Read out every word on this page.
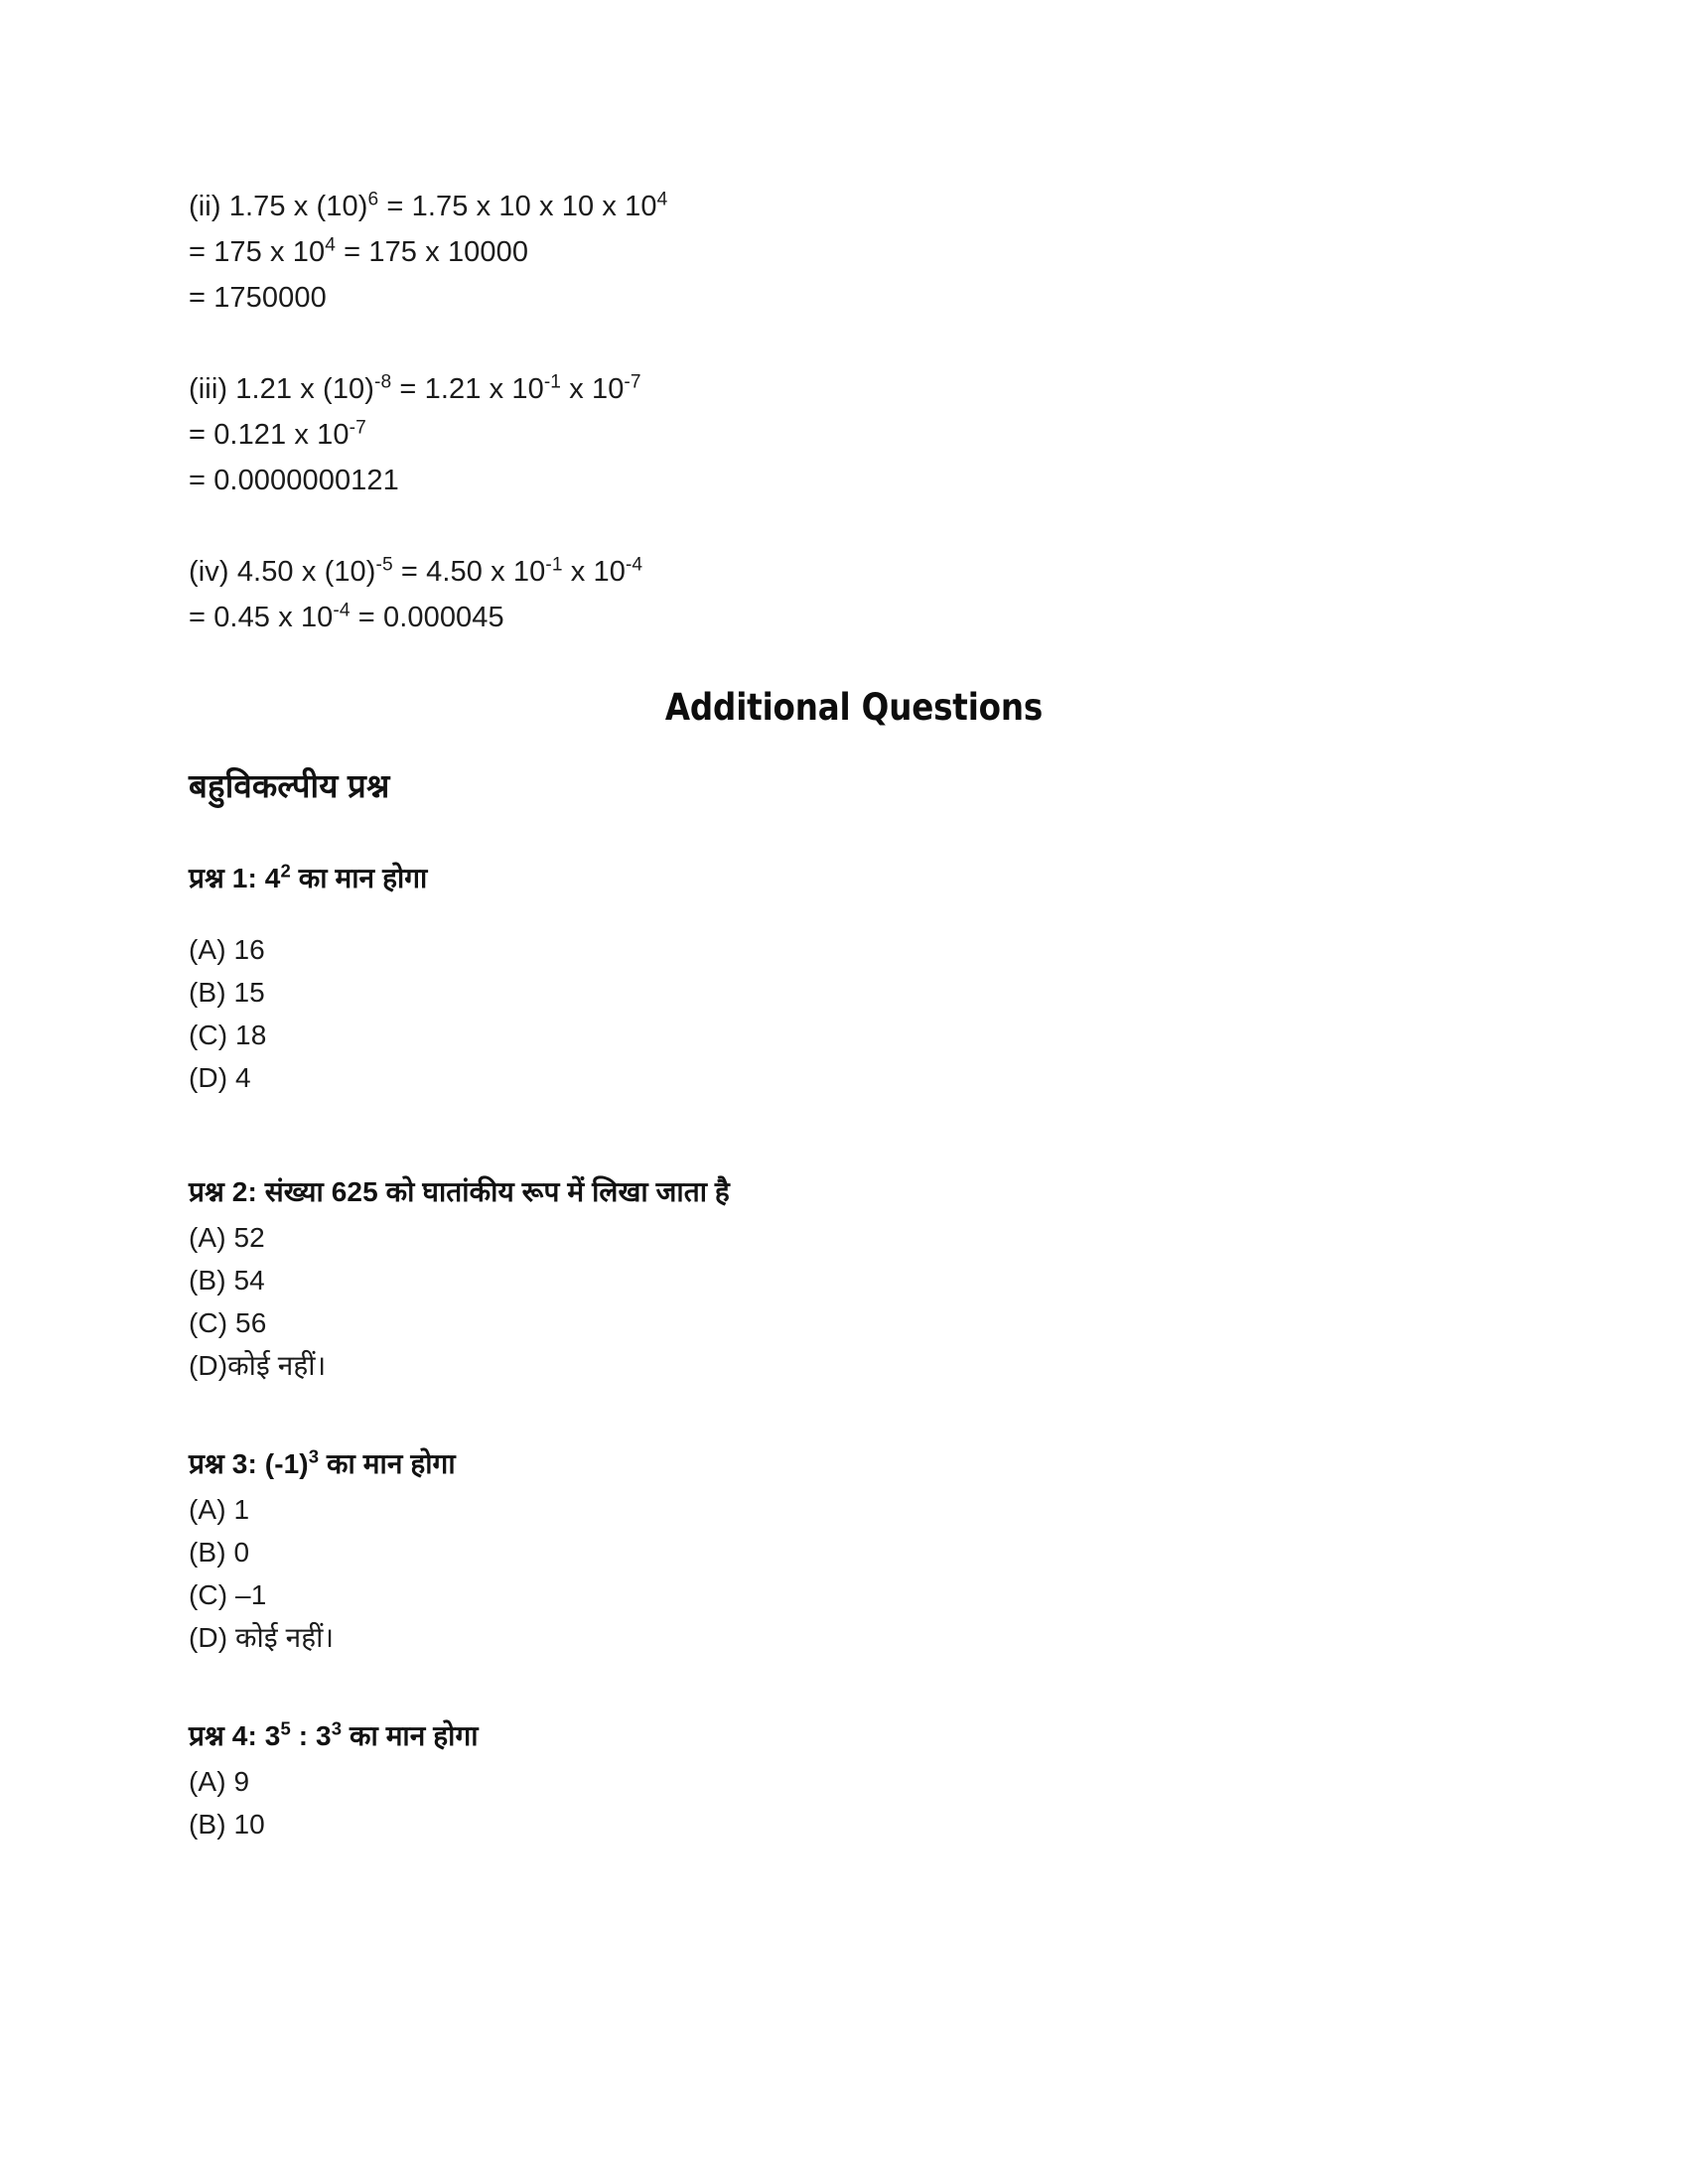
(ii) 1.75 x $(10)^6 = 1.75$ x 10 x 10 x $10^4$
= 175 x $10^4 = 175$ x 10000
= 1750000
(iii) 1.21 x $(10)^{-8} = 1.21$ x $10^{-1}$ x $10^{-7}$
= 0.121 x $10^{-7}$
= 0.0000000121
(iv) 4.50 x $(10)^{-5} = 4.50$ x $10^{-1}$ x $10^{-4}$
= 0.45 x $10^{-4} = 0.000045$
Additional Questions
बहुविकल्पीय प्रश्न
प्रश्न 1: $4^2$ का मान होगा
(A) 16
(B) 15
(C) 18
(D) 4
प्रश्न 2: संख्या 625 को घातांकीय रूप में लिखा जाता है
(A) 52
(B) 54
(C) 56
(D)कोई नहीं।
प्रश्न 3: $(-1)^3$ का मान होगा
(A) 1
(B) 0
(C) –1
(D) कोई नहीं।
प्रश्न 4: $3^5$ : $3^3$ का मान होगा
(A) 9
(B) 10
